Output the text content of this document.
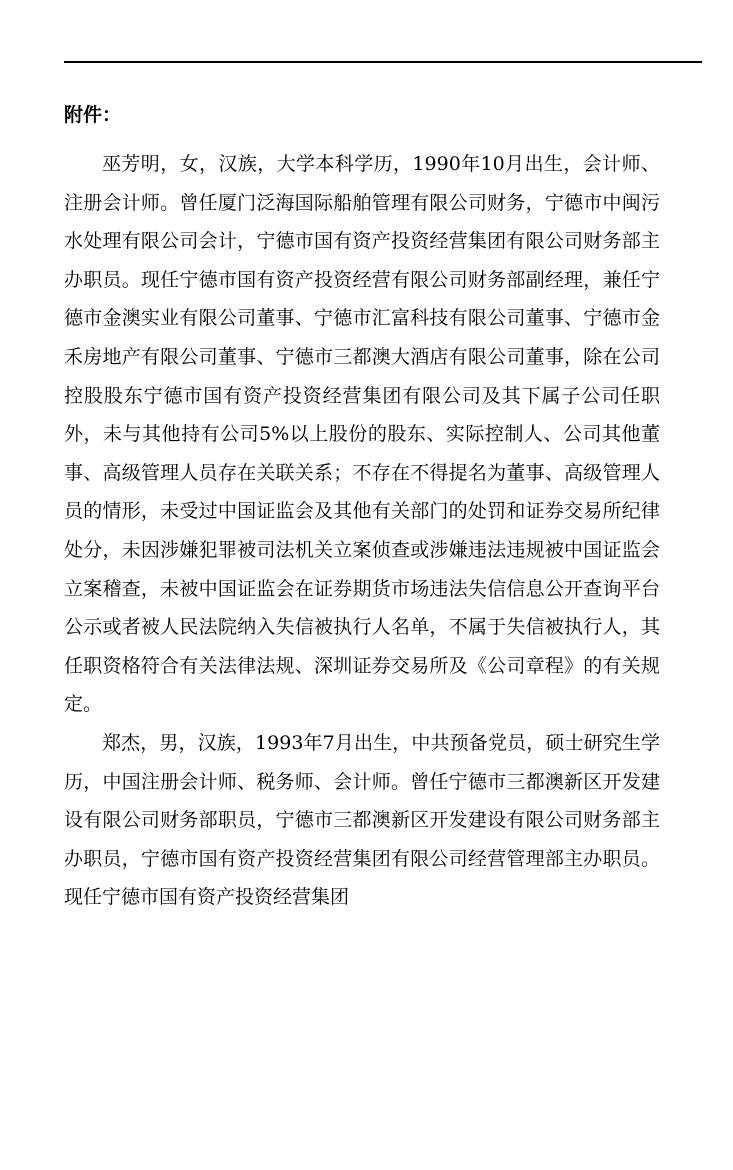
附件：

巫芳明，女，汉族，大学本科学历，1990年10月出生，会计师、注册会计师。曾任厦门泛海国际船舶管理有限公司财务，宁德市中闽污水处理有限公司会计，宁德市国有资产投资经营集团有限公司财务部主办职员。现任宁德市国有资产投资经营有限公司财务部副经理，兼任宁德市金澳实业有限公司董事、宁德市汇富科技有限公司董事、宁德市金禾房地产有限公司董事、宁德市三都澳大酒店有限公司董事，除在公司控股股东宁德市国有资产投资经营集团有限公司及其下属子公司任职外，未与其他持有公司5%以上股份的股东、实际控制人、公司其他董事、高级管理人员存在关联关系；不存在不得提名为董事、高级管理人员的情形，未受过中国证监会及其他有关部门的处罚和证券交易所纪律处分，未因涉嫌犯罪被司法机关立案侦查或涉嫌违法违规被中国证监会立案稽查，未被中国证监会在证券期货市场违法失信信息公开查询平台公示或者被人民法院纳入失信被执行人名单，不属于失信被执行人，其任职资格符合有关法律法规、深圳证券交易所及《公司章程》的有关规定。

郑杰，男，汉族，1993年7月出生，中共预备党员，硕士研究生学历，中国注册会计师、税务师、会计师。曾任宁德市三都澳新区开发建设有限公司财务部职员，宁德市三都澳新区开发建设有限公司财务部主办职员，宁德市国有资产投资经营集团有限公司经营管理部主办职员。现任宁德市国有资产投资经营集团
